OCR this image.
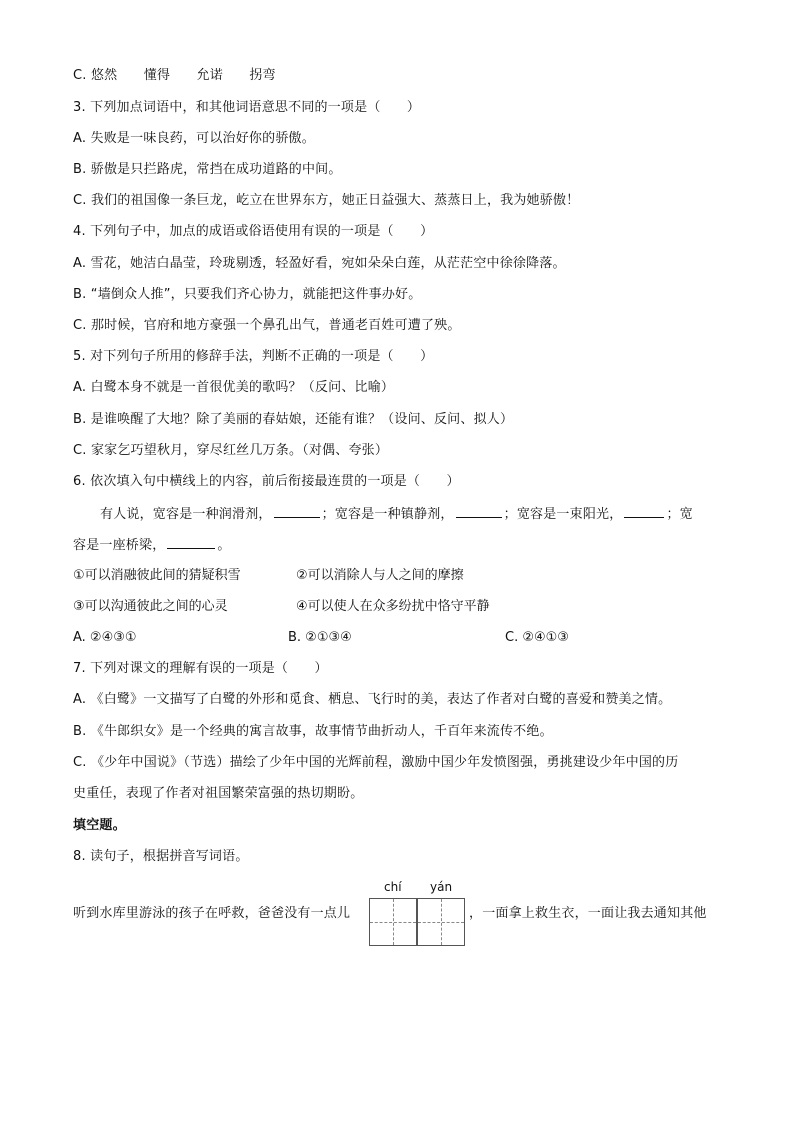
C. 悠然　　懂得　　允诺　　拐弯
3. 下列加点词语中，和其他词语意思不同的一项是（　　）
A. 失败是一味良药，可以治好你的骄傲。
B. 骄傲是只拦路虎，常挡在成功道路的中间。
C. 我们的祖国像一条巨龙，屹立在世界东方，她正日益强大、蒸蒸日上，我为她骄傲！
4. 下列句子中，加点的成语或俗语使用有误的一项是（　　）
A. 雪花，她洁白晶莹，玲珑剔透，轻盈好看，宛如朵朵白莲，从茫茫空中徐徐降落。
B. “墙倒众人推”，只要我们齐心协力，就能把这件事办好。
C. 那时候，官府和地方豪强一个鼻孔出气，普通老百姓可遭了殃。
5. 对下列句子所用的修辞手法，判断不正确的一项是（　　）
A. 白鹭本身不就是一首很优美的歌吗？（反问、比喻）
B. 是谁唤醒了大地？除了美丽的春姑娘，还能有谁？（设问、反问、拟人）
C. 家家乞巧望秋月，穿尽红丝几万条。（对偶、夸张）
6. 依次填入句中横线上的内容，前后衔接最连贯的一项是（　　）
有人说，宽容是一种润滑剂，	；宽容是一种镇静剂，	；宽容是一束阳光，	；宽
容是一座桥梁，	。
①可以消融彼此间的猜疑积雪	②可以消除人与人之间的摩擦
③可以沟通彼此之间的心灵	④可以使人在众多纷扰中恪守平静
A. ②④③①	B. ②①③④	C. ②④①③
7. 下列对课文的理解有误的一项是（　　）
A. 《白鹭》一文描写了白鹭的外形和觅食、栖息、飞行时的美，表达了作者对白鹭的喜爱和赞美之情。
B. 《牛郎织女》是一个经典的寓言故事，故事情节曲折动人，千百年来流传不绝。
C. 《少年中国说》（节选）描绘了少年中国的光辉前程，激励中国少年发愤图强，勇挑建设少年中国的历
史重任，表现了作者对祖国繁荣富强的热切期盼。
填空题。
8. 读句子，根据拼音写词语。
chí yán
听到水库里游泳的孩子在呼救，爸爸没有一点儿	，一面拿上救生衣，一面让我去通知其他
